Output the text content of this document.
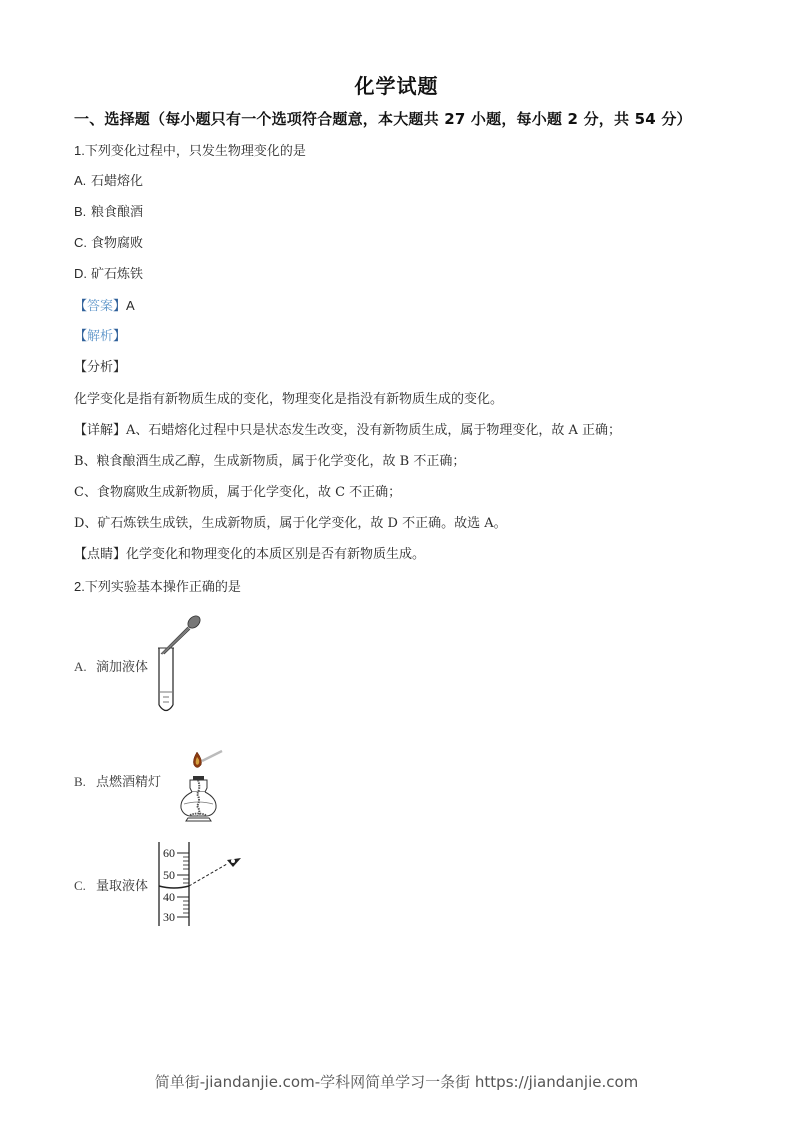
化学试题
一、选择题（每小题只有一个选项符合题意，本大题共 27 小题，每小题 2 分，共 54 分）
1.下列变化过程中，只发生物理变化的是
A. 石蜡熔化
B. 粮食酿酒
C. 食物腐败
D. 矿石炼铁
【答案】A
【解析】
【分析】
化学变化是指有新物质生成的变化，物理变化是指没有新物质生成的变化。
【详解】A、石蜡熔化过程中只是状态发生改变，没有新物质生成，属于物理变化，故 A 正确；
B、粮食酿酒生成乙醇，生成新物质，属于化学变化，故 B 不正确；
C、食物腐败生成新物质，属于化学变化，故 C 不正确；
D、矿石炼铁生成铁，生成新物质，属于化学变化，故 D 不正确。故选 A。
【点睛】化学变化和物理变化的本质区别是否有新物质生成。
2.下列实验基本操作正确的是
A. 滴加液体
B. 点燃酒精灯
C. 量取液体
60
50
40
30
简单街-jiandanjie.com-学科网简单学习一条街 https://jiandanjie.com
